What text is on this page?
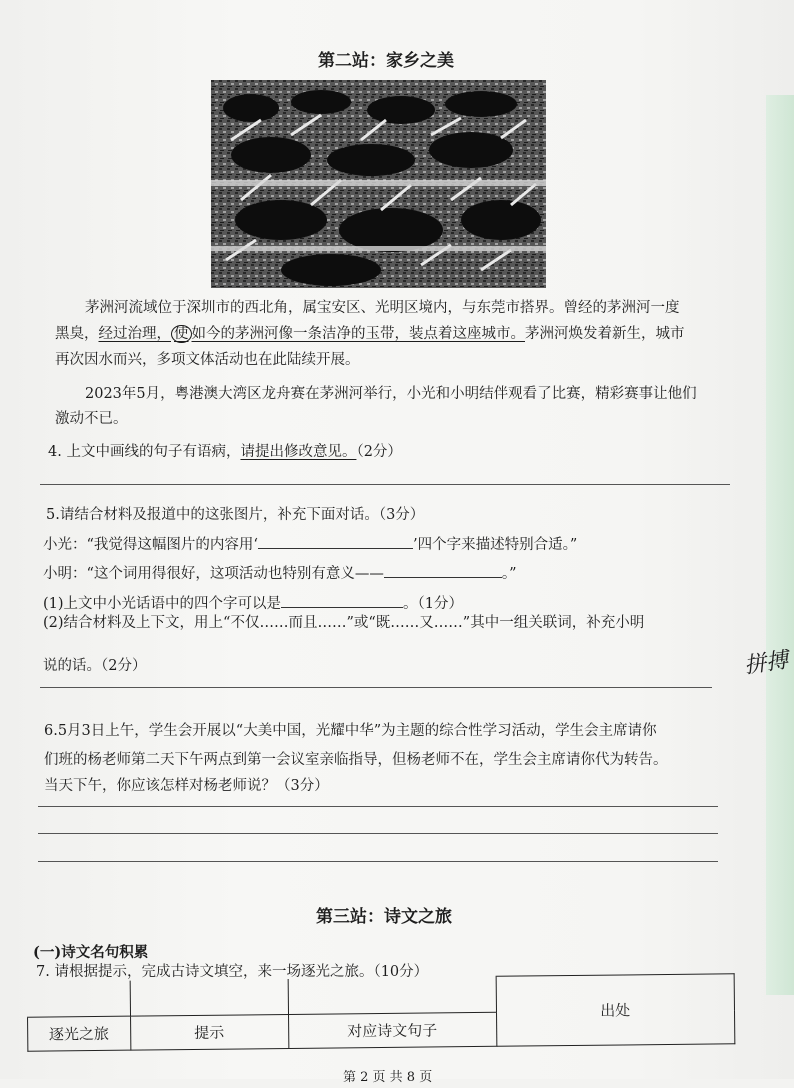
第二站：家乡之美
茅洲河流域位于深圳市的西北角，属宝安区、光明区境内，与东莞市搭界。曾经的茅洲河一度
黑臭，经过治理， 使 如今的茅洲河像一条洁净的玉带，装点着这座城市。茅洲河焕发着新生，城市
再次因水而兴，多项文体活动也在此陆续开展。
2023年5月，粤港澳大湾区龙舟赛在茅洲河举行，小光和小明结伴观看了比赛，精彩赛事让他们
激动不已。
4. 上文中画线的句子有语病，请提出修改意见。（2分）
5.请结合材料及报道中的这张图片，补充下面对话。（3分）
小光：“我觉得这幅图片的内容用‘	’四个字来描述特别合适。”
小明：“这个词用得很好，这项活动也特别有意义——	。”
(1)上文中小光话语中的四个字可以是	。（1分）
(2)结合材料及上下文，用上“不仅……而且……”或“既……又……”其中一组关联词，补充小明
说的话。（2分）	拼搏
6.5月3日上午，学生会开展以“大美中国，光耀中华”为主题的综合性学习活动，学生会主席请你
们班的杨老师第二天下午两点到第一会议室亲临指导，但杨老师不在，学生会主席请你代为转告。
当天下午，你应该怎样对杨老师说？（3分）
第三站：诗文之旅
(一)诗文名句积累
7. 请根据提示，完成古诗文填空，来一场逐光之旅。（10分）
			出处
逐光之旅	提示	对应诗文句子	
第 2 页 共 8 页
